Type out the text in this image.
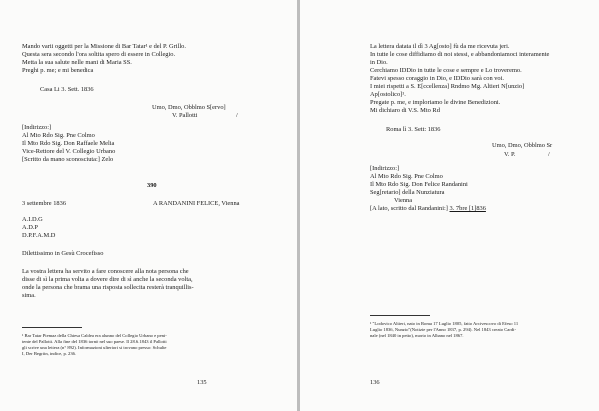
Mando varii oggetti per la Missione di Bar Tatar¹ e del P. Grillo.
Questa sera secondo l'ora soltita spero di essere in Collegio.
Metta la sua salute nelle mani di Maria SS.
Preghi p. me; e mi benedica
Casa Li 3. Sett. 1836
Umo, Dmo, Obblmo S[ervo]
V. Pallotti	/
[Indirizzo:]
Al Mto Rdo Sig. Pne Colmo
Il Mto Rdo Sig. Don Raffaele Melia
Vice-Rettore del V. Collegio Urbano
[Scritto da mano sconosciuta:] Zelo
390
3 settembre 1836	A RANDANINI FELICE, Vienna
A.I.D.G
A.D.P
D.P.F.A.M.D
Dilettissimo in Gesù Crocefisso
La vostra lettera ha servito a fare conoscere alla nota persona che
disse di sì la prima volta a dovere dire di sì anche la seconda volta,
onde la persona che brama una risposta sollecita resterà tranquillis-
sima.
¹ Bar Tatar Piemaz della Chiesa Caldea era alunno del Collegio Urbano e peni-
tente del Pallotti. Alla fine del 1836 tornò nel suo paese. Il 28.6.1843 il Pallotti
gli scrive una lettera (n° 892). Informazioni ulteriori si trovano presso: Schulte
I, Der Begriin, indice, p. 236.
135
La lettera datata il dì 3 Ag[osto] fù da me ricevuta jeri.
In tutte le cose diffidiamo di noi stessi, e abbandoniamoci interamente
in Dio.
Cerchiamo IDDio in tutte le cose e sempre e Lo troveremo.
Fatevi spesso coraggio in Dio, e IDDio sarà con voi.
I miei rispetti a S. E[ccellenza] Rndmo Mg. Altieri N[unzio]
Ap[ostolico]¹.
Pregate p. me, e imploriamo le divine Benedizioni.
Mi dichiaro di V.S. Mto Rd
Roma lì 3. Sett: 1836
Umo, Dmo, Obblmo Sr
V. P.	/
[Indirizzo:]
Al Mto Rdo Sig. Pne Colmo
Il Mto Rdo Sig. Don Felice Randanini
Seg[retario] della Nunziatura
Vienna
[A lato, scritto dal Randanini:] 3. 7bre [1]836
¹ "Lodovico Altieri, nato in Roma 17 Luglio 1805, fatto Arcivescovo di Efeso 11
Luglio 1836, Nunzio"(Notizie per l'Anno 1837, p. 294). Nel 1843 creato Cardi-
nale (nel 1840 in petto), morto in Albano nel 1867.
136
